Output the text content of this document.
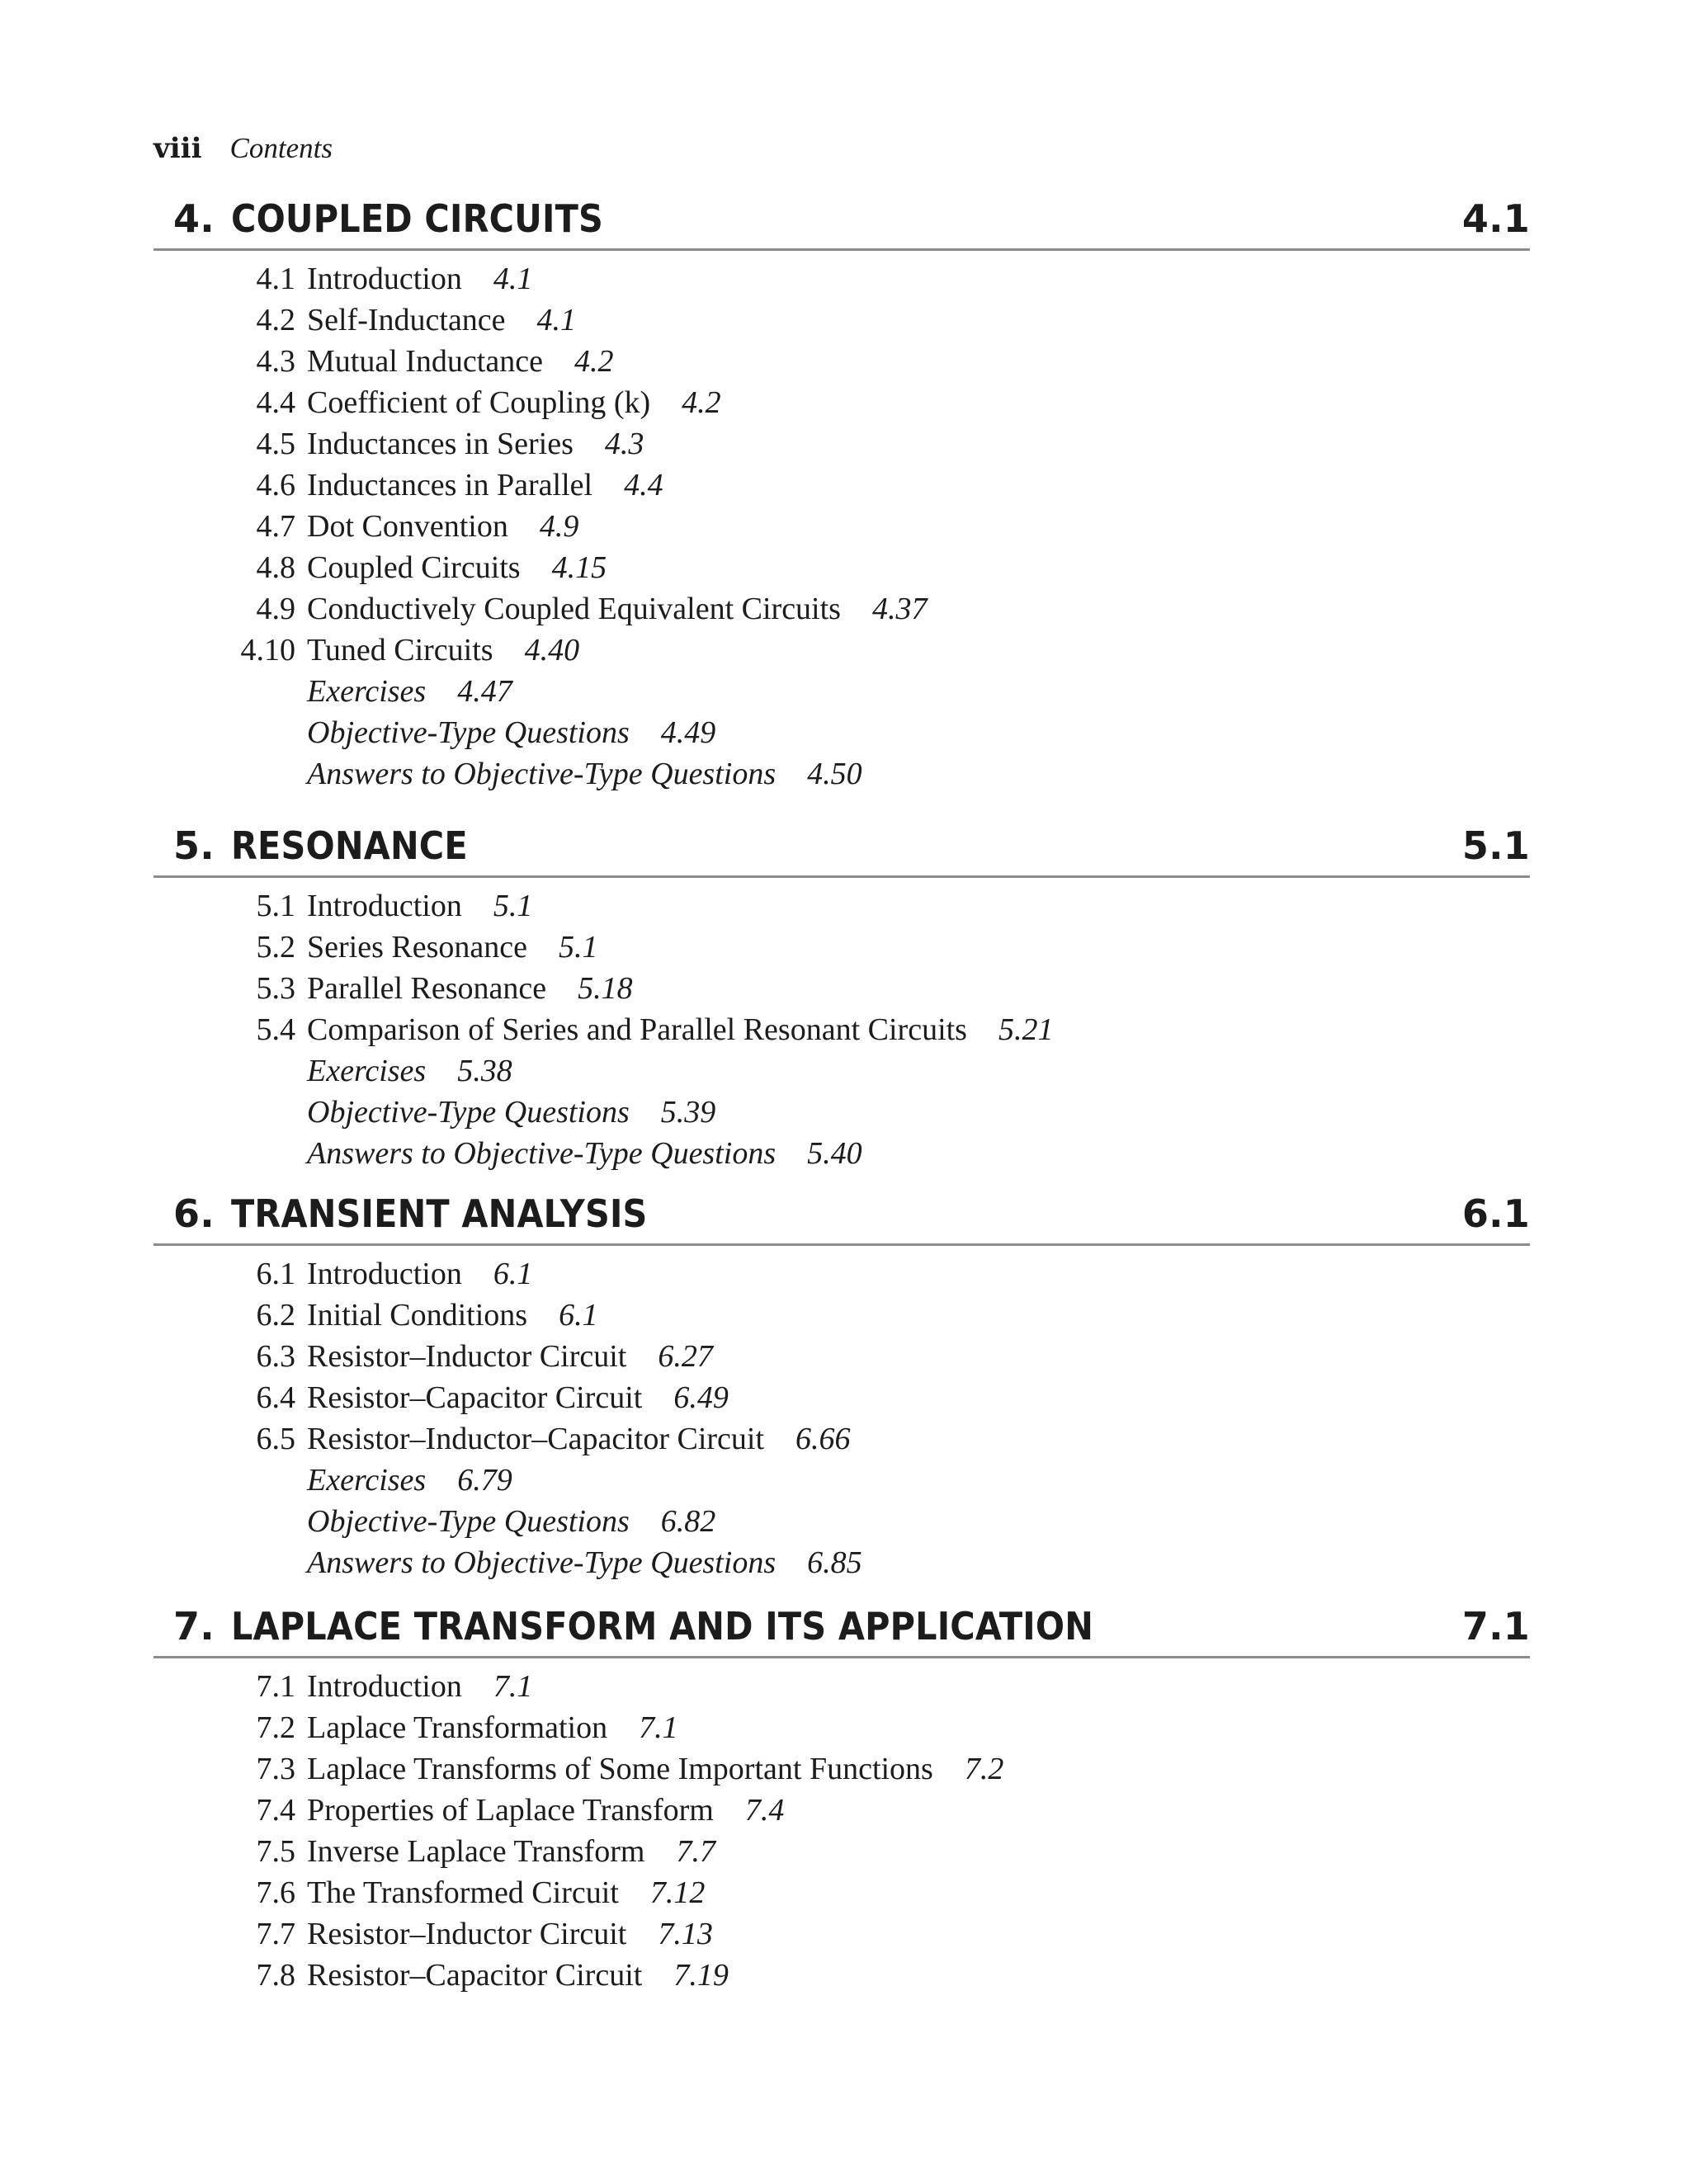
viii Contents
4. COUPLED CIRCUITS	4.1
4.1 Introduction 4.1
4.2 Self-Inductance 4.1
4.3 Mutual Inductance 4.2
4.4 Coefficient of Coupling (k) 4.2
4.5 Inductances in Series 4.3
4.6 Inductances in Parallel 4.4
4.7 Dot Convention 4.9
4.8 Coupled Circuits 4.15
4.9 Conductively Coupled Equivalent Circuits 4.37
4.10 Tuned Circuits 4.40
Exercises 4.47
Objective-Type Questions 4.49
Answers to Objective-Type Questions 4.50
5. RESONANCE	5.1
5.1 Introduction 5.1
5.2 Series Resonance 5.1
5.3 Parallel Resonance 5.18
5.4 Comparison of Series and Parallel Resonant Circuits 5.21
Exercises 5.38
Objective-Type Questions 5.39
Answers to Objective-Type Questions 5.40
6. TRANSIENT ANALYSIS	6.1
6.1 Introduction 6.1
6.2 Initial Conditions 6.1
6.3 Resistor–Inductor Circuit 6.27
6.4 Resistor–Capacitor Circuit 6.49
6.5 Resistor–Inductor–Capacitor Circuit 6.66
Exercises 6.79
Objective-Type Questions 6.82
Answers to Objective-Type Questions 6.85
7. LAPLACE TRANSFORM AND ITS APPLICATION	7.1
7.1 Introduction 7.1
7.2 Laplace Transformation 7.1
7.3 Laplace Transforms of Some Important Functions 7.2
7.4 Properties of Laplace Transform 7.4
7.5 Inverse Laplace Transform 7.7
7.6 The Transformed Circuit 7.12
7.7 Resistor–Inductor Circuit 7.13
7.8 Resistor–Capacitor Circuit 7.19
